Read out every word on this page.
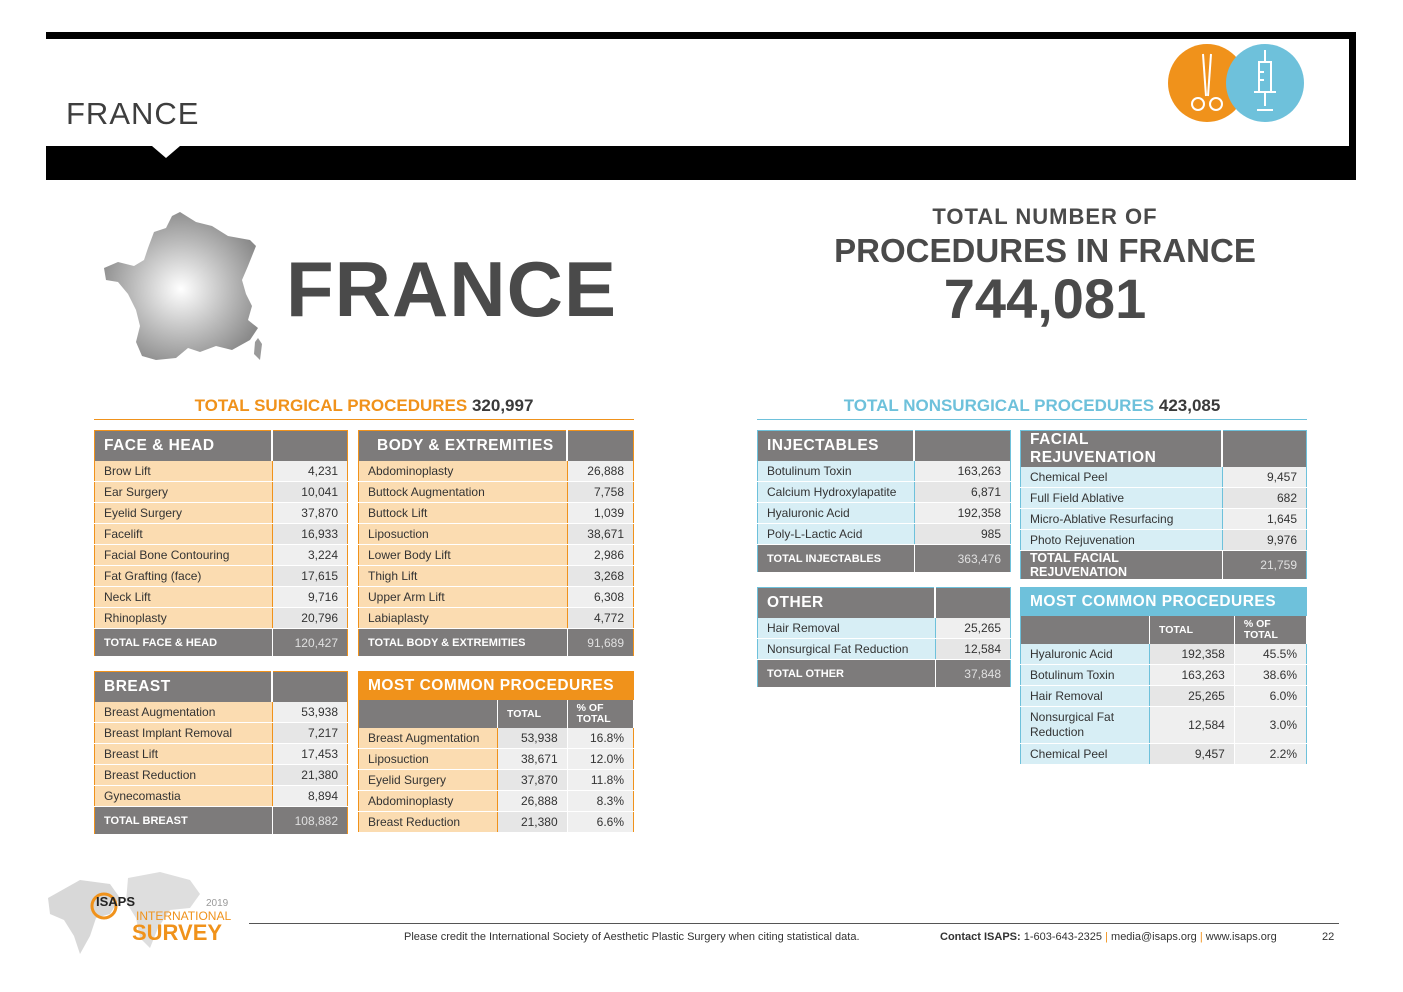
FRANCE
FRANCE
TOTAL NUMBER OF
PROCEDURES IN FRANCE
744,081
TOTAL SURGICAL PROCEDURES 320,997	TOTAL NONSURGICAL PROCEDURES 423,085
FACE & HEAD	
Brow Lift	4,231
Ear Surgery	10,041
Eyelid Surgery	37,870
Facelift	16,933
Facial Bone Contouring	3,224
Fat Grafting (face)	17,615
Neck Lift	9,716
Rhinoplasty	20,796
TOTAL FACE & HEAD	120,427
BODY & EXTREMITIES	
Abdominoplasty	26,888
Buttock Augmentation	7,758
Buttock Lift	1,039
Liposuction	38,671
Lower Body Lift	2,986
Thigh Lift	3,268
Upper Arm Lift	6,308
Labiaplasty	4,772
TOTAL BODY & EXTREMITIES	91,689
BREAST	
Breast Augmentation	53,938
Breast Implant Removal	7,217
Breast Lift	17,453
Breast Reduction	21,380
Gynecomastia	8,894
TOTAL BREAST	108,882
MOST COMMON PROCEDURES		
	TOTAL	% OF
TOTAL
Breast Augmentation	53,938	16.8%
Liposuction	38,671	12.0%
Eyelid Surgery	37,870	11.8%
Abdominoplasty	26,888	8.3%
Breast Reduction	21,380	6.6%
INJECTABLES	
Botulinum Toxin	163,263
Calcium Hydroxylapatite	6,871
Hyaluronic Acid	192,358
Poly-L-Lactic Acid	985
TOTAL INJECTABLES	363,476
FACIAL REJUVENATION	
Chemical Peel	9,457
Full Field Ablative	682
Micro-Ablative Resurfacing	1,645
Photo Rejuvenation	9,976
TOTAL FACIAL REJUVENATION	21,759
OTHER	
Hair Removal	25,265
Nonsurgical Fat Reduction	12,584
TOTAL OTHER	37,848
MOST COMMON PROCEDURES		
	TOTAL	% OF
TOTAL
Hyaluronic Acid	192,358	45.5%
Botulinum Toxin	163,263	38.6%
Hair Removal	25,265	6.0%
Nonsurgical Fat Reduction	12,584	3.0%
Chemical Peel	9,457	2.2%
ISAPS	2019
INTERNATIONAL
SURVEY	Please credit the International Society of Aesthetic Plastic Surgery when citing statistical data.	Contact ISAPS: 1-603-643-2325 | media@isaps.org | www.isaps.org	22
